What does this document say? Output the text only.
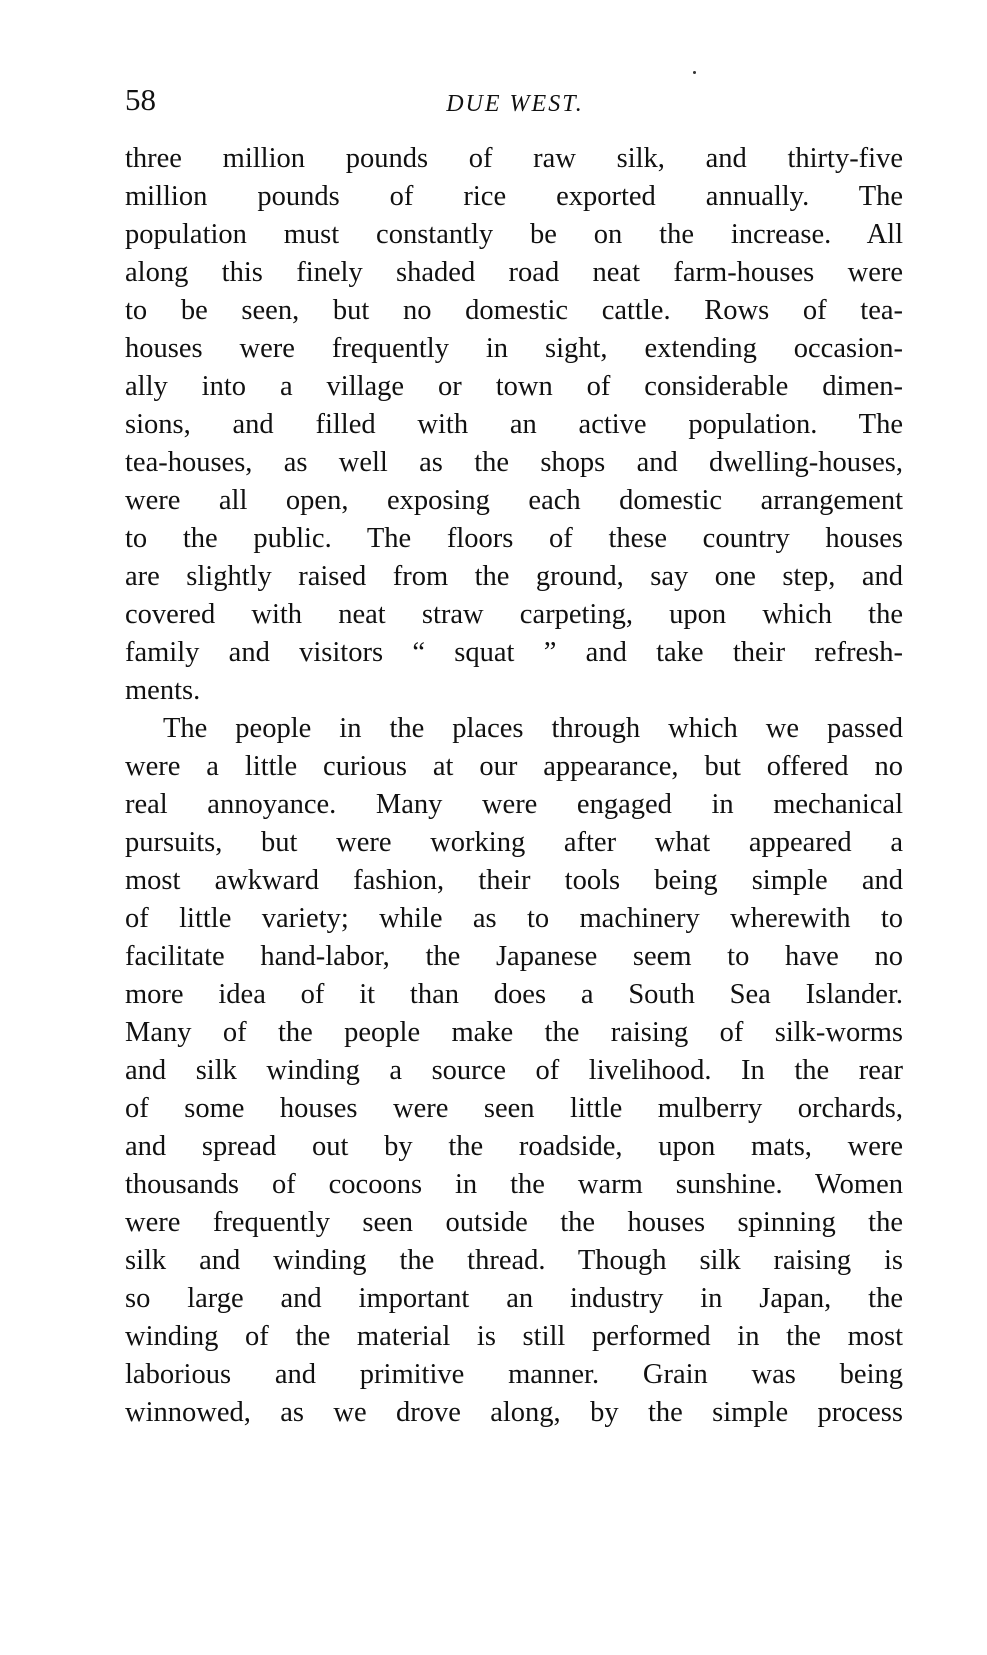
58	DUE WEST.
three million pounds of raw silk, and thirty-five
million pounds of rice exported annually. The
population must constantly be on the increase. All
along this finely shaded road neat farm-houses were
to be seen, but no domestic cattle. Rows of tea-
houses were frequently in sight, extending occasion-
ally into a village or town of considerable dimen-
sions, and filled with an active population. The
tea-houses, as well as the shops and dwelling-houses,
were all open, exposing each domestic arrangement
to the public. The floors of these country houses
are slightly raised from the ground, say one step, and
covered with neat straw carpeting, upon which the
family and visitors “ squat ” and take their refresh-
ments.
The people in the places through which we passed
were a little curious at our appearance, but offered no
real annoyance. Many were engaged in mechanical
pursuits, but were working after what appeared a
most awkward fashion, their tools being simple and
of little variety; while as to machinery wherewith to
facilitate hand-labor, the Japanese seem to have no
more idea of it than does a South Sea Islander.
Many of the people make the raising of silk-worms
and silk winding a source of livelihood. In the rear
of some houses were seen little mulberry orchards,
and spread out by the roadside, upon mats, were
thousands of cocoons in the warm sunshine. Women
were frequently seen outside the houses spinning the
silk and winding the thread. Though silk raising is
so large and important an industry in Japan, the
winding of the material is still performed in the most
laborious and primitive manner. Grain was being
winnowed, as we drove along, by the simple process
